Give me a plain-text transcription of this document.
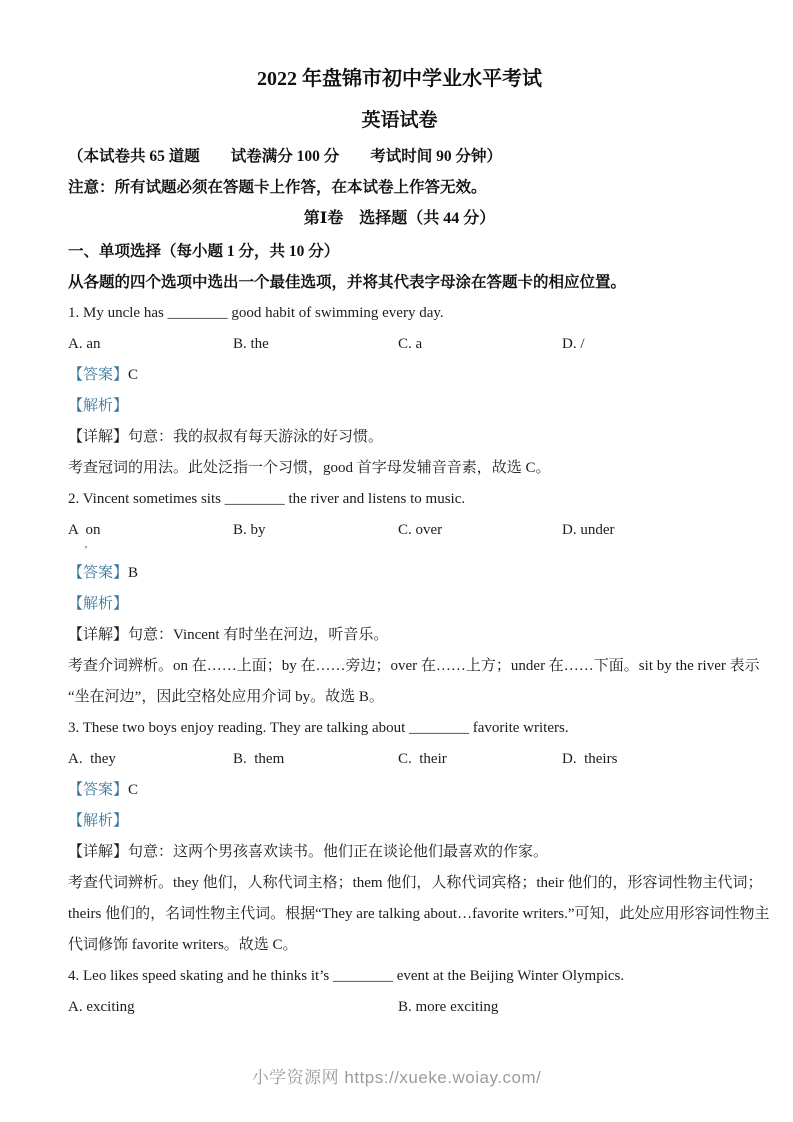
2022 年盘锦市初中学业水平考试

英语试卷

（本试卷共 65 道题　　试卷满分 100 分　　考试时间 90 分钟）

注意：所有试题必须在答题卡上作答，在本试卷上作答无效。

第Ⅰ卷　选择题（共 44 分）

一、单项选择（每小题 1 分，共 10 分）

从各题的四个选项中选出一个最佳选项，并将其代表字母涂在答题卡的相应位置。

1. My uncle has ________ good habit of swimming every day.

A. an	B. the	C. a	D. /

【答案】C

【解析】

【详解】句意：我的叔叔有每天游泳的好习惯。

考查冠词的用法。此处泛指一个习惯，good 首字母发辅音音素，故选 C。

2. Vincent sometimes sits ________ the river and listens to music.

A  on	B. by	C. over	D. under
’

【答案】B

【解析】

【详解】句意：Vincent 有时坐在河边，听音乐。

考查介词辨析。on 在……上面；by 在……旁边；over 在……上方；under 在……下面。sit by the river 表示

“坐在河边”，因此空格处应用介词 by。故选 B。

3. These two boys enjoy reading. They are talking about ________ favorite writers.

A.  they	B.  them	C.  their	D.  theirs

【答案】C

【解析】

【详解】句意：这两个男孩喜欢读书。他们正在谈论他们最喜欢的作家。

考查代词辨析。they 他们，人称代词主格；them 他们，人称代词宾格；their 他们的，形容词性物主代词；

theirs 他们的，名词性物主代词。根据“They are talking about…favorite writers.”可知，此处应用形容词性物主

代词修饰 favorite writers。故选 C。

4. Leo likes speed skating and he thinks it’s ________ event at the Beijing Winter Olympics.

A. exciting	B. more exciting
小学资源网 https://xueke.woiay.com/
